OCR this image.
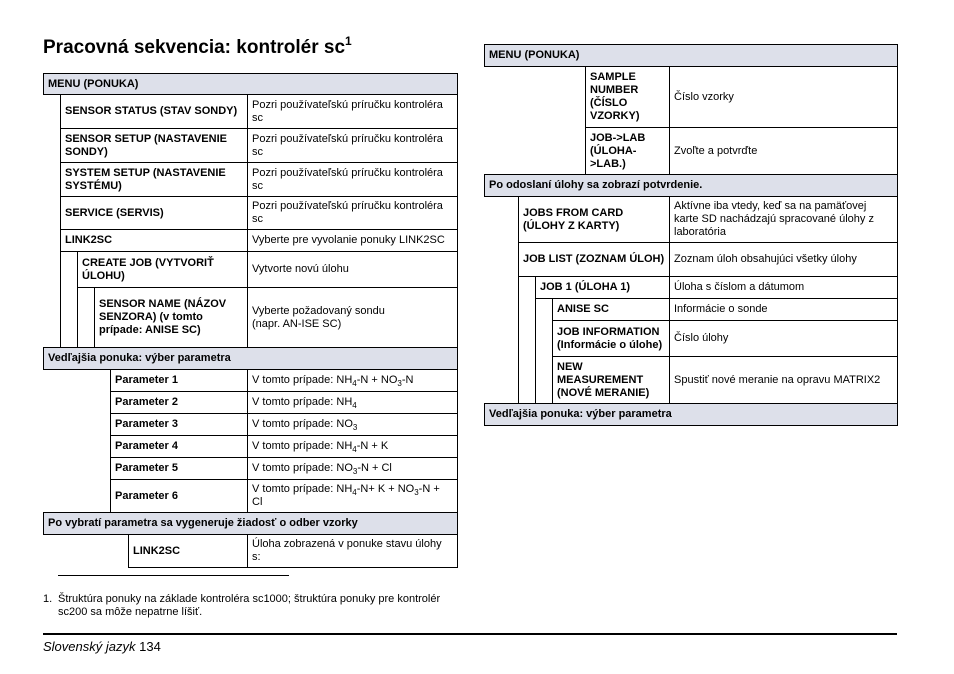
Pracovná sekvencia: kontrolér $sc^1$
MENU (PONUKA)						
	SENSOR STATUS (STAV SONDY)					Pozri používateľskú príručku kontroléra sc
	SENSOR SETUP (NASTAVENIE SONDY)					Pozri používateľskú príručku kontroléra sc
	SYSTEM SETUP (NASTAVENIE SYSTÉMU)					Pozri používateľskú príručku kontroléra sc
	SERVICE (SERVIS)					Pozri používateľskú príručku kontroléra sc
	LINK2SC					Vyberte pre vyvolanie ponuky LINK2SC
		CREATE JOB (VYTVORIŤ ÚLOHU)				Vytvorte novú úlohu
			SENSOR NAME (NÁZOV SENZORA) (v tomto prípade: ANISE SC)			Vyberte požadovaný sondu
(napr. AN-ISE SC)
Vedľajšia ponuka: výber parametra						
				Parameter 1		V tomto prípade: $NH_4-N + NO_3-N$
				Parameter 2		V tomto prípade: $NH_4$
				Parameter 3		V tomto prípade: $NO_3$
				Parameter 4		V tomto prípade: $NH_4-N + K$
				Parameter 5		V tomto prípade: $NO_3-N + Cl$
				Parameter 6		V tomto prípade: $NH_4-N+ K + NO_3-N + Cl$
Po vybratí parametra sa vygeneruje žiadosť o odber vzorky						
					LINK2SC	Úloha zobrazená v ponuke stavu úlohy s:
MENU (PONUKA)					
				SAMPLE NUMBER (ČÍSLO VZORKY)	Číslo vzorky
				JOB->LAB (ÚLOHA->LAB.)	Zvoľte a potvrďte
Po odoslaní úlohy sa zobrazí potvrdenie.					
	JOBS FROM CARD (ÚLOHY Z KARTY)				Aktívne iba vtedy, keď sa na pamäťovej karte SD nachádzajú spracované úlohy z laboratória
	JOB LIST (ZOZNAM ÚLOH)				Zoznam úloh obsahujúci všetky úlohy
		JOB 1 (ÚLOHA 1)			Úloha s číslom a dátumom
			ANISE SC		Informácie o sonde
			JOB INFORMATION (Informácie o úlohe)		Číslo úlohy
			NEW MEASUREMENT (NOVÉ MERANIE)		Spustiť nové meranie na opravu MATRIX2
Vedľajšia ponuka: výber parametra					
1. Štruktúra ponuky na základe kontroléra sc1000; štruktúra ponuky pre kontrolér sc200 sa môže nepatrne líšiť.
Slovenský jazyk 134
